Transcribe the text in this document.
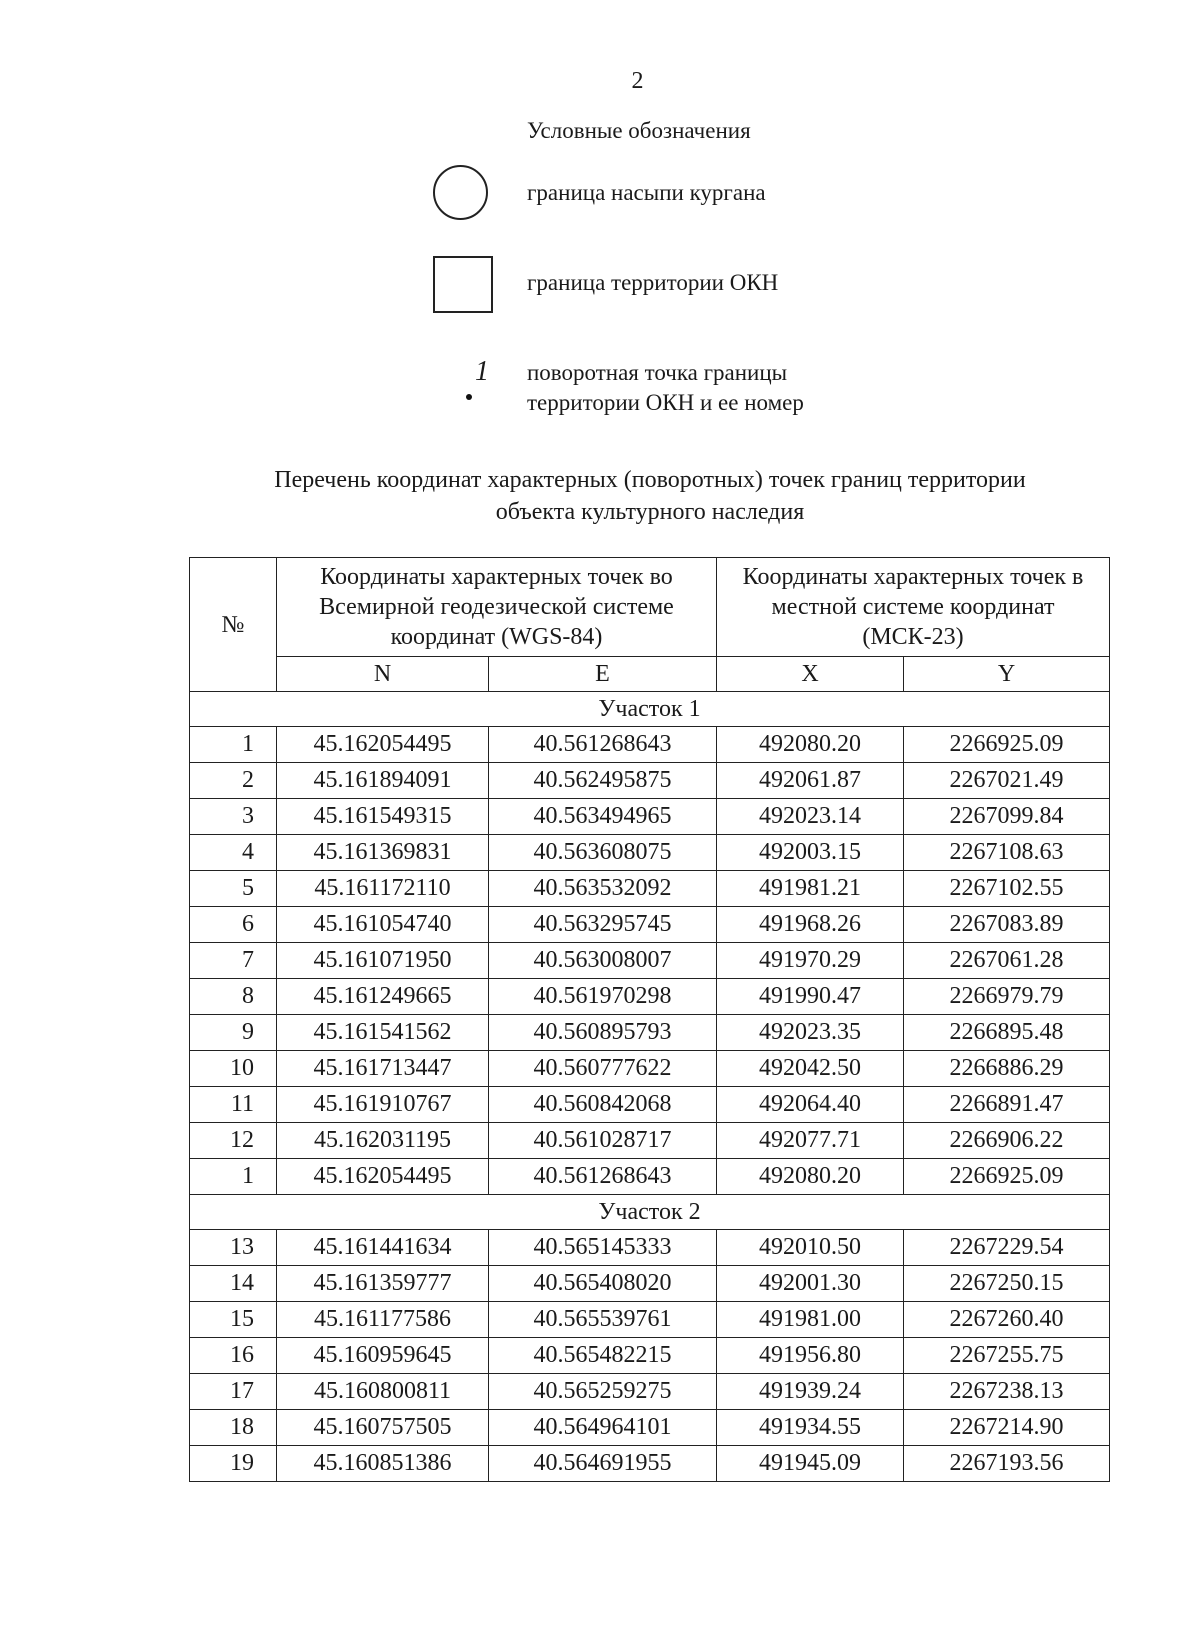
2
Условные обозначения
граница насыпи кургана
граница территории ОКН
1 поворотная точка границы
территории ОКН и ее номер
Перечень координат характерных (поворотных) точек границ территории
объекта культурного наследия
№	Координаты характерных точек во Всемирной геодезической системе координат (WGS-84)		Координаты характерных точек в местной системе координат (МСК-23)	
	N	E	X	Y
Участок 1				
1	45.162054495	40.561268643	492080.20	2266925.09
2	45.161894091	40.562495875	492061.87	2267021.49
3	45.161549315	40.563494965	492023.14	2267099.84
4	45.161369831	40.563608075	492003.15	2267108.63
5	45.161172110	40.563532092	491981.21	2267102.55
6	45.161054740	40.563295745	491968.26	2267083.89
7	45.161071950	40.563008007	491970.29	2267061.28
8	45.161249665	40.561970298	491990.47	2266979.79
9	45.161541562	40.560895793	492023.35	2266895.48
10	45.161713447	40.560777622	492042.50	2266886.29
11	45.161910767	40.560842068	492064.40	2266891.47
12	45.162031195	40.561028717	492077.71	2266906.22
1	45.162054495	40.561268643	492080.20	2266925.09
Участок 2				
13	45.161441634	40.565145333	492010.50	2267229.54
14	45.161359777	40.565408020	492001.30	2267250.15
15	45.161177586	40.565539761	491981.00	2267260.40
16	45.160959645	40.565482215	491956.80	2267255.75
17	45.160800811	40.565259275	491939.24	2267238.13
18	45.160757505	40.564964101	491934.55	2267214.90
19	45.160851386	40.564691955	491945.09	2267193.56
